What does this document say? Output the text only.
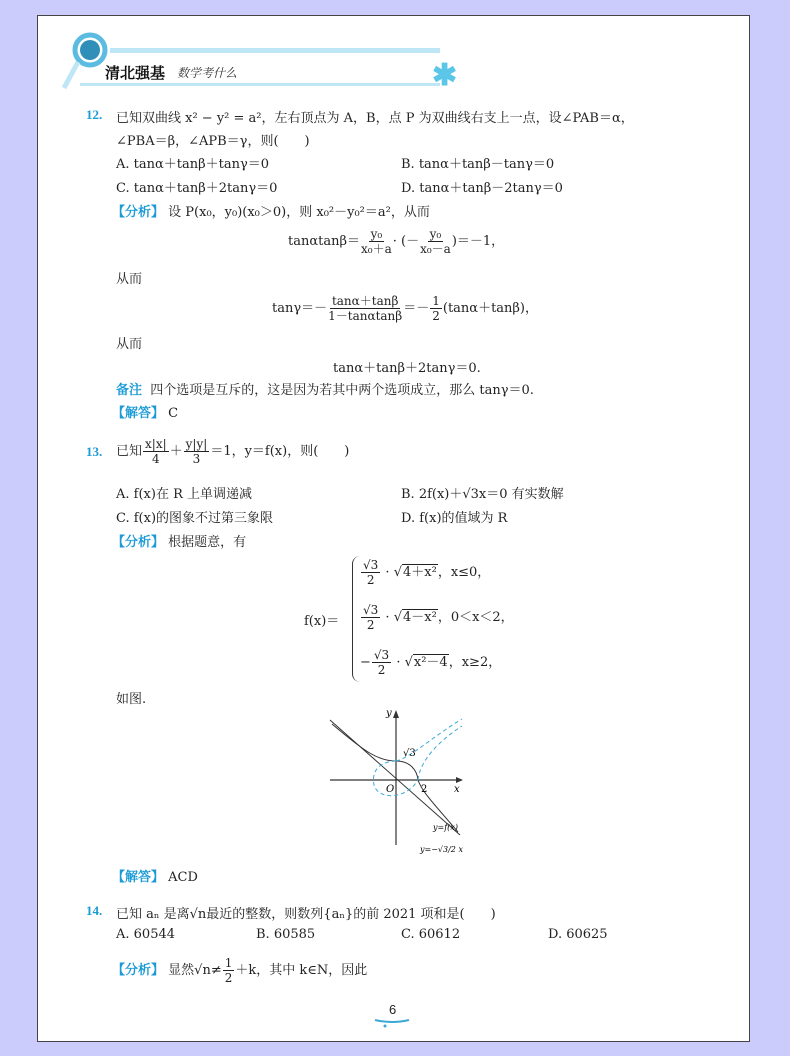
清北强基 数学考什么	✱
12. 已知双曲线 x² − y² = a²，左右顶点为 A，B，点 P 为双曲线右支上一点，设∠PAB＝α，
∠PBA＝β，∠APB＝γ，则(　　)
A. tanα＋tanβ＋tanγ＝0	B. tanα＋tanβ－tanγ＝0
C. tanα＋tanβ＋2tanγ＝0	D. tanα＋tanβ－2tanγ＝0
【分析】 设 P(x₀，y₀)(x₀＞0)，则 x₀²－y₀²＝a²，从而
$\tan\alpha\tan\beta= \frac{\text{y₀}}{\text{x₀＋a}}$ · (－ $\frac{\text{y₀}}{\text{x₀－a}} )=-1$，
从而
$\tan\gamma=- \frac{\tan\alpha+\tan\beta}{1-\tan\alpha\tan\beta} =- \frac{1}{2} (\tan\alpha+\tan\beta)$，
从而
tanα＋tanβ＋2tanγ＝0.
备注 四个选项是互斥的，这是因为若其中两个选项成立，那么 tanγ＝0.
【解答】 C
13. 已知 $\frac{x|x|}{4} + \frac{y|y|}{3} =1$，y＝f(x)，则(　　)
A. f(x)在 R 上单调递减	B. 2f(x)＋√3x＝0 有实数解
C. f(x)的图象不过第三象限	D. f(x)的值域为 R
【分析】 根据题意，有
f(x)＝
$\frac{√3}{2} \cdot √4+x^2$，x≤0，
$\frac{√3}{2} \cdot √4-x^2$，0＜x＜2，
− $\frac{√3}{2} \cdot √x^2-4$，x≥2，
如图.
√3
O	2	x
y
y=f(x)
y=−√3/2 x
【解答】 ACD
14. 已知 aₙ 是离√n最近的整数，则数列{aₙ}的前 2021 项和是(　　)
A. 60544	B. 60585	C. 60612	D. 60625
【分析】 显然$√n\ne \frac{1}{2} +k$，其中 k∈N，因此
6
